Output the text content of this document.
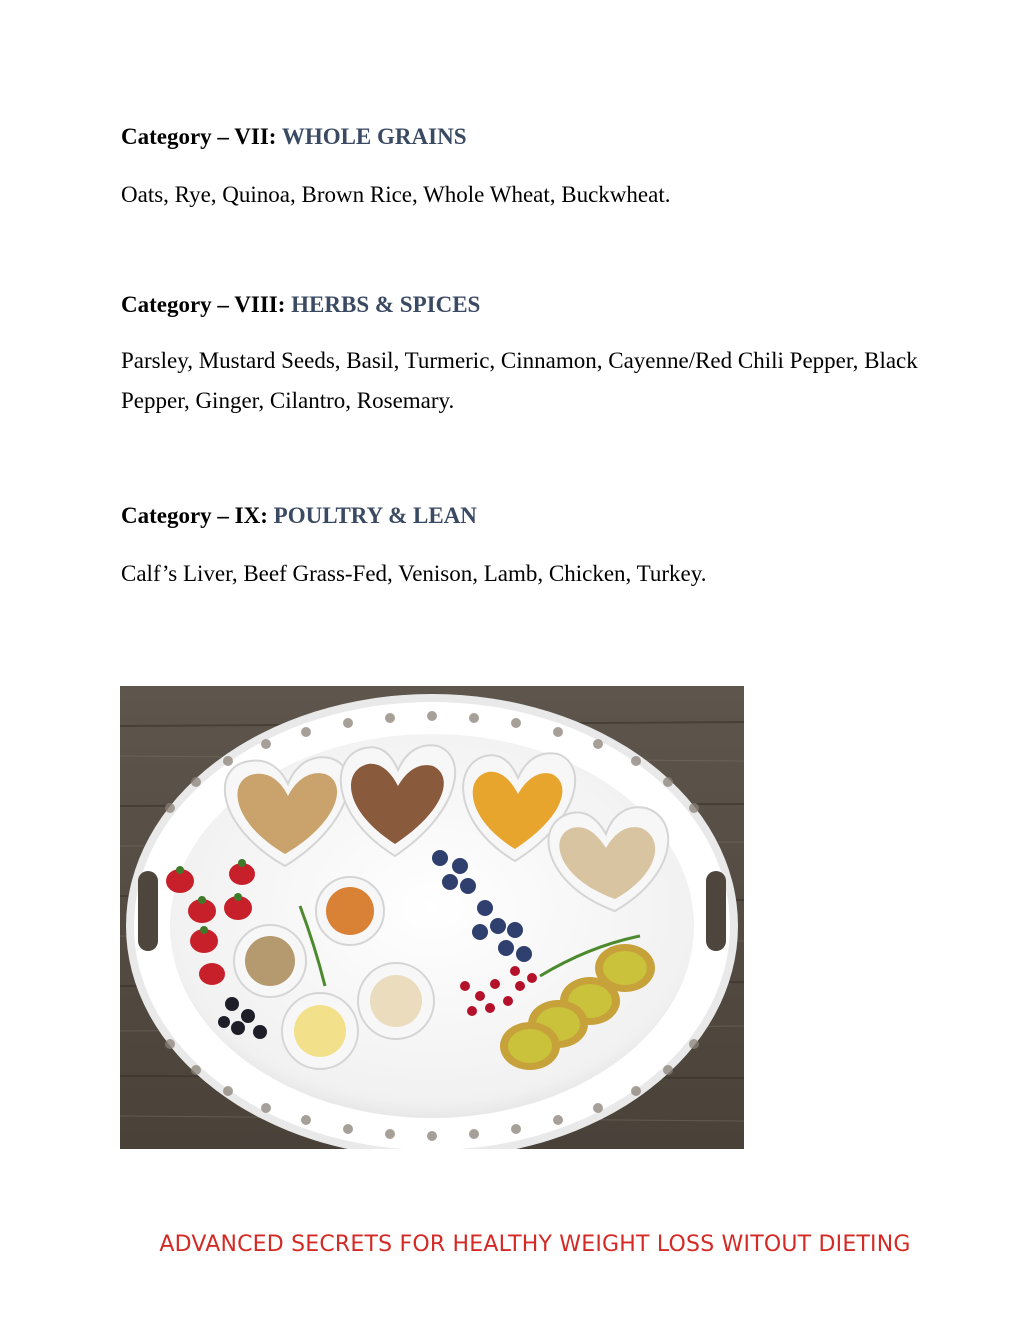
Category – VII: WHOLE GRAINS

Oats, Rye, Quinoa, Brown Rice, Whole Wheat, Buckwheat.

Category – VIII: HERBS & SPICES

Parsley, Mustard Seeds, Basil, Turmeric, Cinnamon, Cayenne/Red Chili Pepper, Black Pepper, Ginger, Cilantro, Rosemary.

Category – IX: POULTRY & LEAN

Calf’s Liver, Beef Grass-Fed, Venison, Lamb, Chicken, Turkey.

ADVANCED SECRETS FOR HEALTHY WEIGHT LOSS WITOUT DIETING
